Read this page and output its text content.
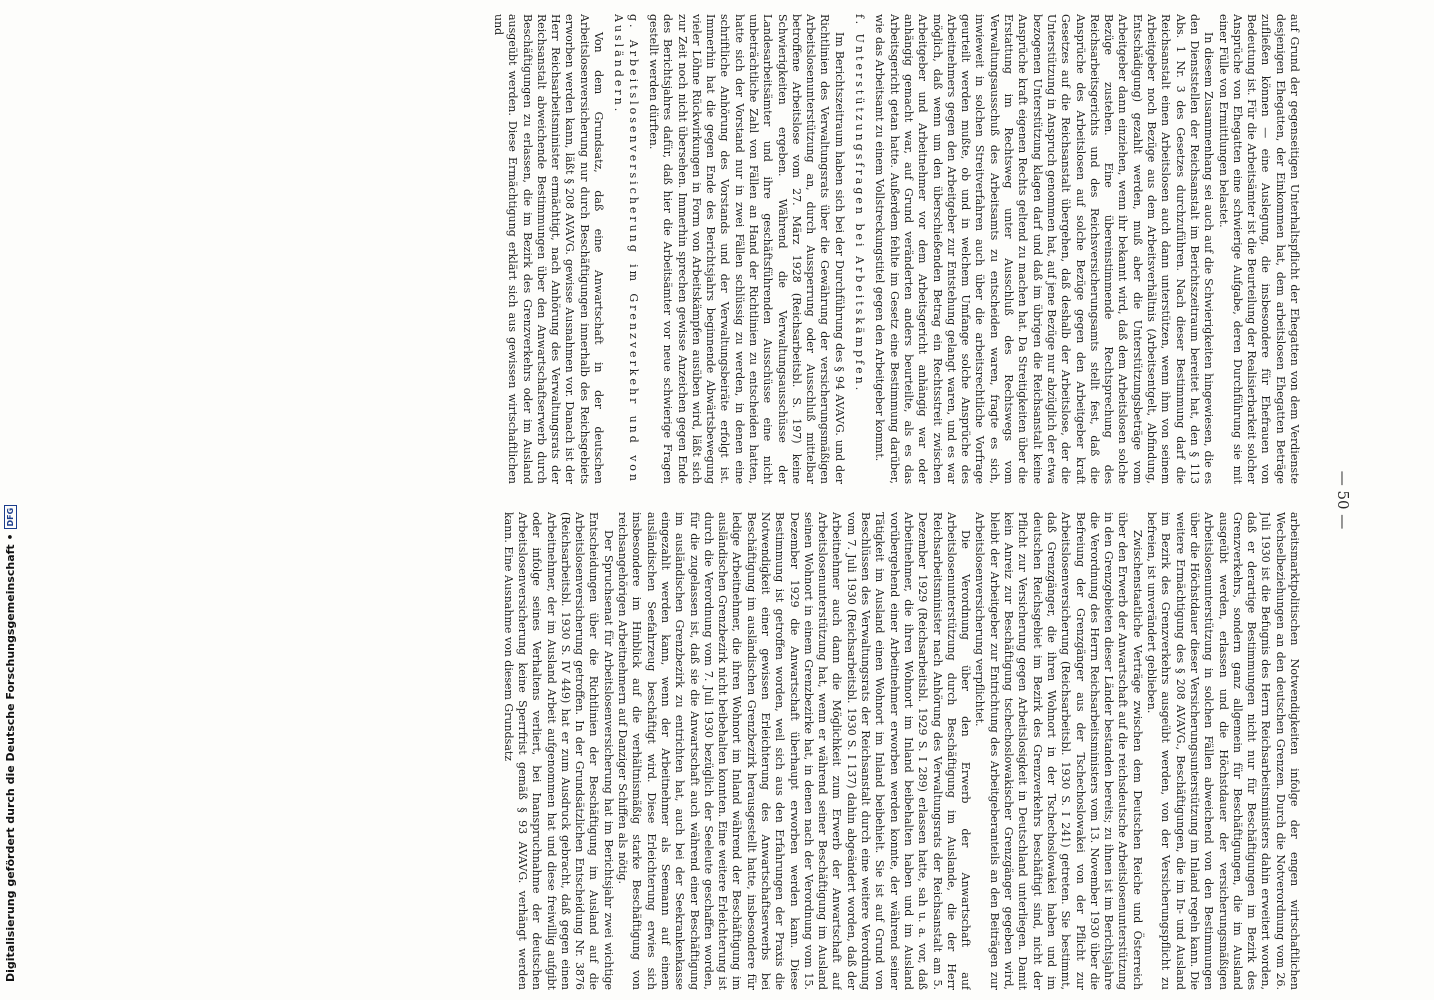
— 50 —

auf Grund der gegenseitigen Unterhaltspflicht der Ehegatten von dem Verdienste desjenigen Ehegatten, der Einkommen hat, dem arbeitslosen Ehegatten Beträge zufließen können — eine Auslegung, die insbesondere für Ehefrauen von Bedeutung ist. Für die Arbeitsämter ist die Beurteilung der Realisierbarkeit solcher Ansprüche von Ehegatten eine schwierige Aufgabe, deren Durchführung sie mit einer Fülle von Ermittlungen belastet.

In diesem Zusammenhang sei auch auf die Schwierigkeiten hingewiesen, die es den Dienststellen der Reichsanstalt im Berichtszeitraum bereitet hat, den § 113 Abs. 1 Nr. 3 des Gesetzes durchzuführen. Nach dieser Bestimmung darf die Reichsanstalt einen Arbeitslosen auch dann unterstützen, wenn ihm von seinem Arbeitgeber noch Bezüge aus dem Arbeitsverhältnis (Arbeitsentgelt, Abfindung, Entschädigung) gezahlt werden, muß aber die Unterstützungsbeträge vom Arbeitgeber dann einziehen, wenn ihr bekannt wird, daß dem Arbeitslosen solche Bezüge zustehen. Eine übereinstimmende Rechtsprechung des Reichsarbeitsgerichts und des Reichsversicherungsamts stellt fest, daß die Ansprüche des Arbeitslosen auf solche Bezüge gegen den Arbeitgeber kraft Gesetzes auf die Reichsanstalt übergehen, daß deshalb der Arbeitslose, der die Unterstützung in Anspruch genommen hat, auf jene Bezüge nur abzüglich der etwa bezogenen Unterstützung klagen darf und daß im übrigen die Reichsanstalt keine Ansprüche kraft eigenen Rechts geltend zu machen hat. Da Streitigkeiten über die Erstattung im Rechtsweg unter Ausschluß des Rechtswegs vom Verwaltungsausschuß des Arbeitsamts zu entscheiden waren, fragte es sich, inwieweit in solchen Streitverfahren auch über die arbeitsrechtliche Vorfrage geurteilt werden mußte, ob und in welchem Umfange solche Ansprüche des Arbeitnehmers gegen den Arbeitgeber zur Entstehung gelangt waren, und es war möglich, daß wenn um den überschießenden Betrag ein Rechtsstreit zwischen Arbeitgeber und Arbeitnehmer vor dem Arbeitsgericht anhängig war oder anhängig gemacht war, auf Grund veränderten anders beurteilte, als es das Arbeitsgericht getan hatte. Außerdem fehlte im Gesetz eine Bestimmung darüber, wie das Arbeitsamt zu einem Vollstreckungstitel gegen den Arbeitgeber kommt.

f. Unterstützungsfragen bei Arbeitskämpfen.

Im Berichtszeitraum haben sich bei der Durchführung des § 94 AVAVG. und der Richtlinien des Verwaltungsrats über die Gewährung der versicherungsmäßigen Arbeitslosenunterstützung an, durch Aussperrung oder Ausschluß mittelbar betroffene Arbeitslose vom 27. März 1928 (Reichsarbeitsbl. S. 197) keine Schwierigkeiten ergeben. Während die Verwaltungsausschüsse der Landesarbeitsämter und ihre geschäftsführenden Ausschüsse eine nicht unbeträchtliche Zahl von Fällen an Hand der Richtlinien zu entscheiden hatten, hatte sich der Vorstand nur in zwei Fällen schlüssig zu werden, in denen eine schriftliche Anhörung des Vorstands und der Verwaltungsbeiräte erfolgt ist. Immerhin hat die gegen Ende des Berichtsjahrs beginnende Abwärtsbewegung vieler Löhne Rückwirkungen in Form von Arbeitskämpfen ausüben wird, läßt sich zur Zeit noch nicht übersehen. Immerhin sprechen gewisse Anzeichen gegen Ende des Berichtsjahres dafür, daß hier die Arbeitsämter vor neue schwierige Fragen gestellt werden dürften.

g. Arbeitslosenversicherung im Grenzverkehr und von Ausländern.

Von dem Grundsatz, daß eine Anwartschaft in der deutschen Arbeitslosenversicherung nur durch Beschäftigungen innerhalb des Reichsgebiets erworben werden kann, läßt § 208 AVAVG. gewisse Ausnahmen vor. Danach ist der Herr Reichsarbeitsminister ermächtigt, nach Anhörung des Verwaltungsrats der Reichsanstalt abweichende Bestimmungen über den Anwartschaftserwerb durch Beschäftigungen zu erlassen, die im Bezirk des Grenzverkehrs oder im Ausland ausgeübt werden. Diese Ermächtigung erklärt sich aus gewissen wirtschaftlichen und

arbeitsmarktpolitischen Notwendigkeiten infolge der engen wirtschaftlichen Wechselbeziehungen an den deutschen Grenzen. Durch die Notverordnung vom 26. Juli 1930 ist die Befugnis des Herrn Reichsarbeitsministers dahin erweitert worden, daß er derartige Bestimmungen nicht nur für Beschäftigungen im Bezirk des Grenzverkehrs, sondern ganz allgemein für Beschäftigungen, die im Ausland ausgeübt werden, erlassen und die Höchstdauer der versicherungsmäßigen Arbeitslosenunterstützung in solchen Fällen abweichend von den Bestimmungen über die Höchstdauer dieser Versicherungsunterstützung im Inland regeln kann. Die weitere Ermächtigung des § 208 AVAVG., Beschäftigungen, die im In- und Ausland im Bezirk des Grenzverkehrs ausgeübt werden, von der Versicherungspflicht zu befreien, ist unverändert geblieben.

Zwischenstaatliche Verträge zwischen dem Deutschen Reiche und Österreich über den Erwerb der Anwartschaft auf die reichsdeutsche Arbeitslosenunterstützung in den Grenzgebieten dieser Länder bestanden bereits; zu ihnen ist im Berichtsjahre die Verordnung des Herrn Reichsarbeitsministers vom 13. November 1930 über die Befreiung der Grenzgänger aus der Tschechoslowakei von der Pflicht zur Arbeitslosenversicherung (Reichsarbeitsbl. 1930 S. I 241) getreten. Sie bestimmt, daß Grenzgänger, die ihren Wohnort in der Tschechoslowakei haben und im deutschen Reichsgebiet im Bezirk des Grenzverkehrs beschäftigt sind, nicht der Pflicht zur Versicherung gegen Arbeitslosigkeit in Deutschland unterliegen. Damit kein Anreiz zur Beschäftigung tschechoslowakischer Grenzgänger gegeben wird, bleibt der Arbeitgeber zur Entrichtung des Arbeitgeberanteils an den Beiträgen zur Arbeitslosenversicherung verpflichtet.

Die Verordnung über den Erwerb der Anwartschaft auf Arbeitslosenunterstützung durch Beschäftigung im Auslande, die der Herr Reichsarbeitsminister nach Anhörung des Verwaltungsrats der Reichsanstalt am 5. Dezember 1929 (Reichsarbeitsbl. 1929 S. I 289) erlassen hatte, sah u. a. vor, daß Arbeitnehmer, die ihren Wohnort im Inland beibehalten haben und im Ausland vorübergehend einer Arbeitnehmer erworben werden konnte, der während seiner Tätigkeit im Ausland einen Wohnort im Inland beibehielt. Sie ist auf Grund von Beschlüssen des Verwaltungsrats der Reichsanstalt durch eine weitere Verordnung vom 7. Juli 1930 (Reichsarbeitsbl. 1930 S. I 137) dahin abgeändert worden, daß der Arbeitnehmer auch dann die Möglichkeit zum Erwerb der Anwartschaft auf Arbeitslosenunterstützung hat, wenn er während seiner Beschäftigung im Ausland seinen Wohnort in einem Grenzbezirke hat, in denen nach der Verordnung vom 15. Dezember 1929 die Anwartschaft überhaupt erworben werden kann. Diese Bestimmung ist getroffen worden, weil sich aus den Erfahrungen der Praxis die Notwendigkeit einer gewissen Erleichterung des Anwartschaftserwerbs bei Beschäftigung im ausländischen Grenzbezirk herausgestellt hatte, insbesondere für ledige Arbeitnehmer, die ihren Wohnort im Inland während der Beschäftigung im ausländischen Grenzbezirk nicht beibehalten konnten. Eine weitere Erleichterung ist durch die Verordnung vom 7. Juli 1930 bezüglich der Seeleute geschaffen worden, für die zugelassen ist, daß sie die Anwartschaft auch während einer Beschäftigung im ausländischen Grenzbezirk zu entrichten hat, auch bei der Seekrankenkasse eingezahlt werden kann, wenn der Arbeitnehmer als Seemann auf einem ausländischen Seefahrzeug beschäftigt wird. Diese Erleichterung erwies sich insbesondere im Hinblick auf die verhältnismäßig starke Beschäftigung von reichsangehörigen Arbeitnehmern auf Danziger Schiffen als nötig.

Der Spruchsenat für Arbeitslosenversicherung hat im Berichtsjahr zwei wichtige Entscheidungen über die Richtlinien der Beschäftigung im Ausland auf die Arbeitslosenversicherung getroffen. In der Grundsätzlichen Entscheidung Nr. 3876 (Reichsarbeitsbl. 1930 S. IV 449) hat er zum Ausdruck gebracht, daß gegen einen Arbeitnehmer, der im Ausland Arbeit aufgenommen hat und diese freiwillig aufgibt oder infolge seines Verhaltens verliert, bei Inanspruchnahme der deutschen Arbeitslosenversicherung keine Sperrfrist gemäß § 93 AVAVG. verhängt werden kann. Eine Ausnahme von diesem Grundsatz

Digitalisierung gefördert durch die Deutsche Forschungsgemeinschaft •
DFG
